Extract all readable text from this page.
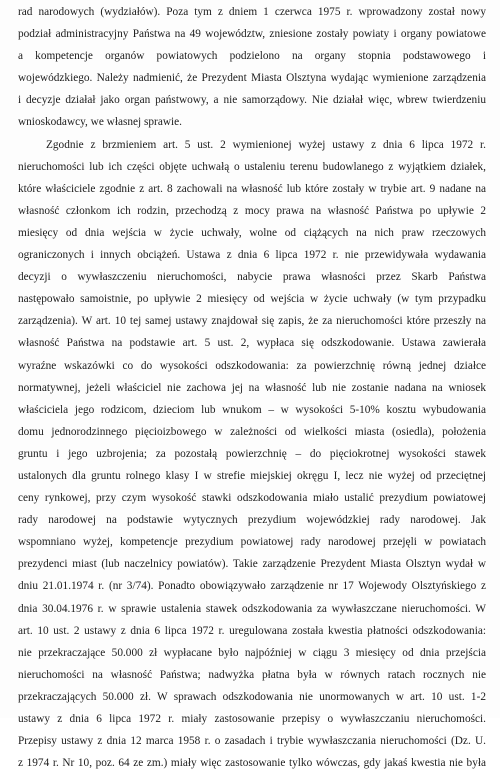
rad narodowych (wydziałów). Poza tym z dniem 1 czerwca 1975 r. wprowadzony został nowy
podział administracyjny Państwa na 49 województw, zniesione zostały powiaty i organy powiatowe
a kompetencje organów powiatowych podzielono na organy stopnia podstawowego i
wojewódzkiego. Należy nadmienić, że Prezydent Miasta Olsztyna wydając wymienione zarządzenia
i decyzje działał jako organ państwowy, a nie samorządowy. Nie działał więc, wbrew twierdzeniu
wnioskodawcy, we własnej sprawie.
Zgodnie z brzmieniem art. 5 ust. 2 wymienionej wyżej ustawy z dnia 6 lipca 1972 r.
nieruchomości lub ich części objęte uchwałą o ustaleniu terenu budowlanego z wyjątkiem działek,
które właściciele zgodnie z art. 8 zachowali na własność lub które zostały w trybie art. 9 nadane na
własność członkom ich rodzin, przechodzą z mocy prawa na własność Państwa po upływie 2
miesięcy od dnia wejścia w życie uchwały, wolne od ciążących na nich praw rzeczowych
ograniczonych i innych obciążeń. Ustawa z dnia 6 lipca 1972 r. nie przewidywała wydawania
decyzji o wywłaszczeniu nieruchomości, nabycie prawa własności przez Skarb Państwa
następowało samoistnie, po upływie 2 miesięcy od wejścia w życie uchwały (w tym przypadku
zarządzenia). W art. 10 tej samej ustawy znajdował się zapis, że za nieruchomości które przeszły na
własność Państwa na podstawie art. 5 ust. 2, wypłaca się odszkodowanie. Ustawa zawierała
wyraźne wskazówki co do wysokości odszkodowania: za powierzchnię równą jednej działce
normatywnej, jeżeli właściciel nie zachowa jej na własność lub nie zostanie nadana na wniosek
właściciela jego rodzicom, dzieciom lub wnukom – w wysokości 5-10% kosztu wybudowania
domu jednorodzinnego pięcioizbowego w zależności od wielkości miasta (osiedla), położenia
gruntu i jego uzbrojenia; za pozostałą powierzchnię – do pięciokrotnej wysokości stawek
ustalonych dla gruntu rolnego klasy I w strefie miejskiej okręgu I, lecz nie wyżej od przeciętnej
ceny rynkowej, przy czym wysokość stawki odszkodowania miało ustalić prezydium powiatowej
rady narodowej na podstawie wytycznych prezydium wojewódzkiej rady narodowej. Jak
wspomniano wyżej, kompetencje prezydium powiatowej rady narodowej przejęli w powiatach
prezydenci miast (lub naczelnicy powiatów). Takie zarządzenie Prezydent Miasta Olsztyn wydał w
dniu 21.01.1974 r. (nr 3/74). Ponadto obowiązywało zarządzenie nr 17 Wojewody Olsztyńskiego z
dnia 30.04.1976 r. w sprawie ustalenia stawek odszkodowania za wywłaszczane nieruchomości. W
art. 10 ust. 2 ustawy z dnia 6 lipca 1972 r. uregulowana została kwestia płatności odszkodowania:
nie przekraczające 50.000 zł wypłacane było najpóźniej w ciągu 3 miesięcy od dnia przejścia
nieruchomości na własność Państwa; nadwyżka płatna była w równych ratach rocznych nie
przekraczających 50.000 zł. W sprawach odszkodowania nie unormowanych w art. 10 ust. 1-2
ustawy z dnia 6 lipca 1972 r. miały zastosowanie przepisy o wywłaszczaniu nieruchomości.
Przepisy ustawy z dnia 12 marca 1958 r. o zasadach i trybie wywłaszczania nieruchomości (Dz. U.
z 1974 r. Nr 10, poz. 64 ze zm.) miały więc zastosowanie tylko wówczas, gdy jakaś kwestia nie była
